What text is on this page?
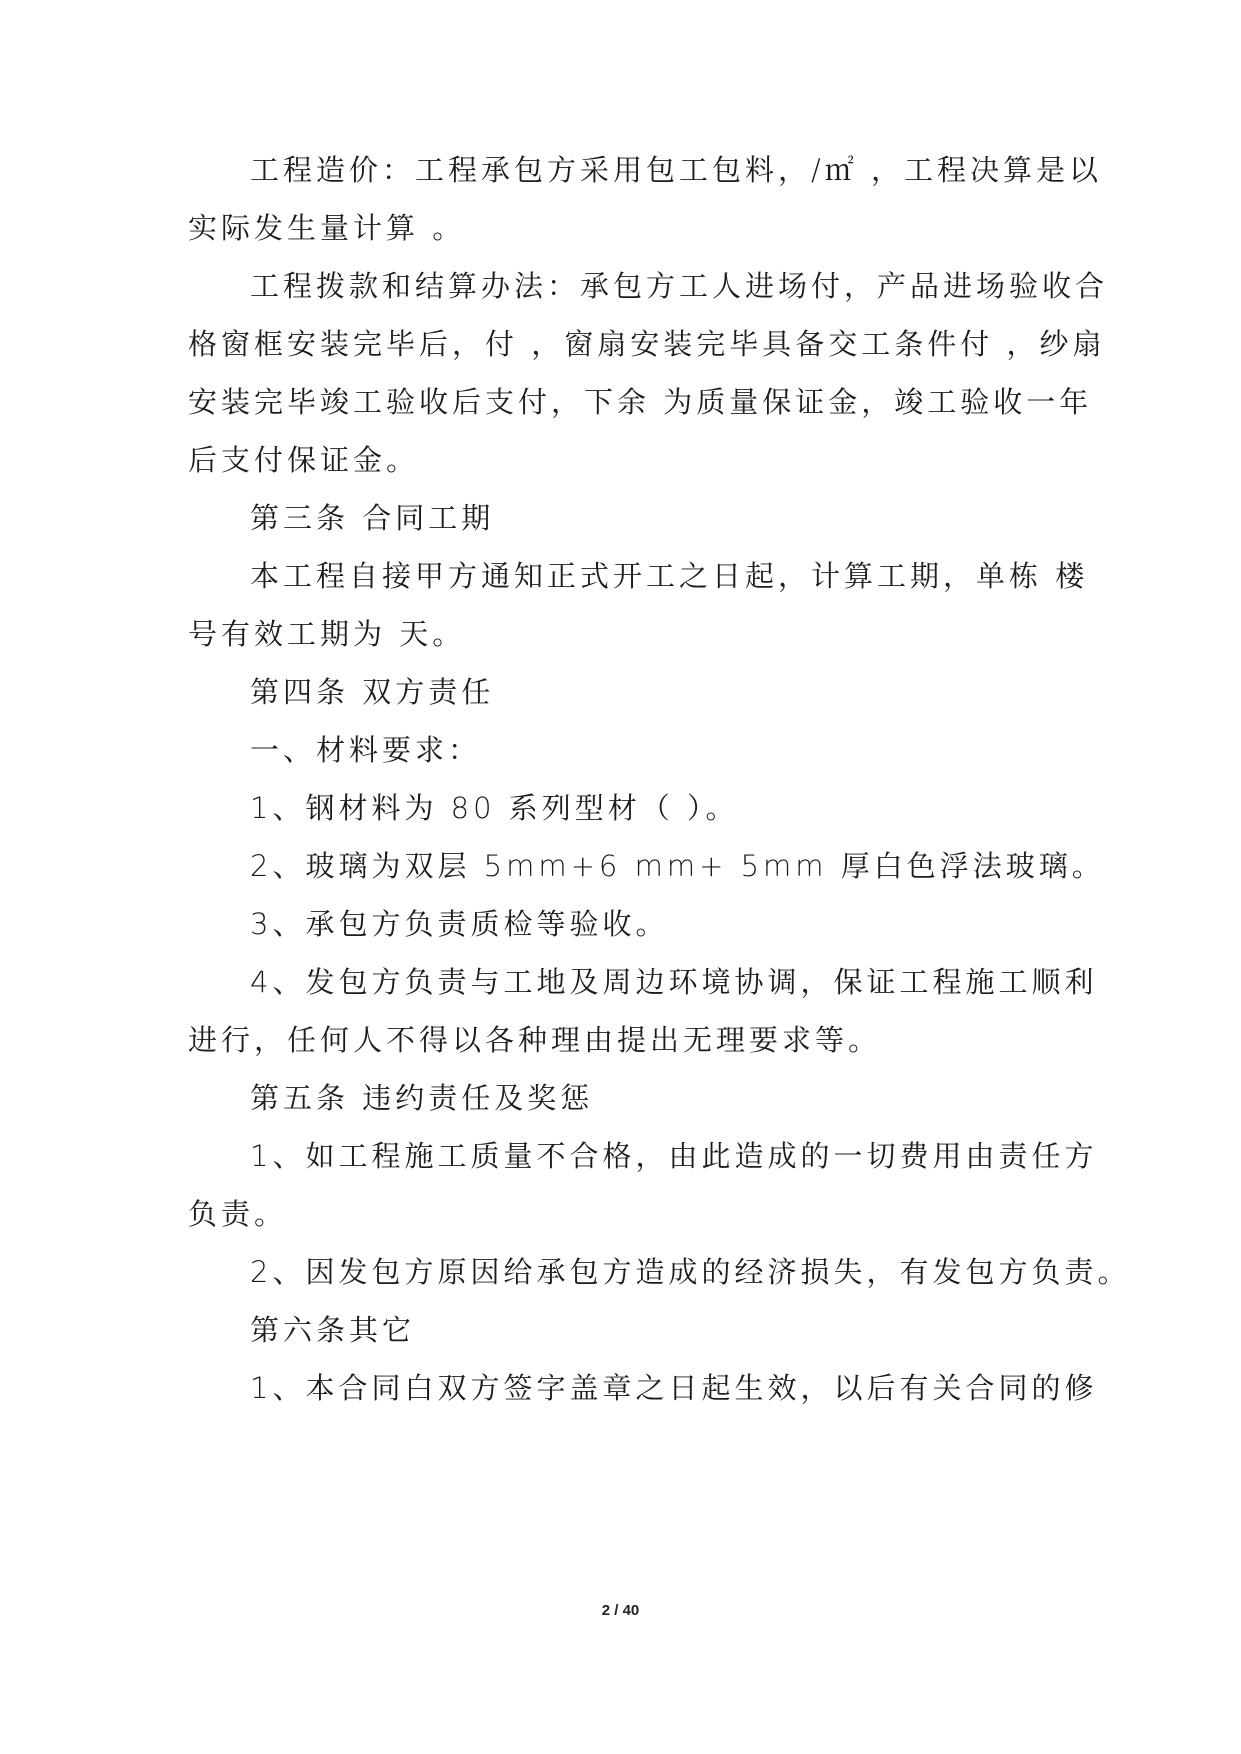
工程造价：工程承包方采用包工包料，/㎡ ，工程决算是以
实际发生量计算 。
工程拨款和结算办法：承包方工人进场付，产品进场验收合
格窗框安装完毕后，付 ，窗扇安装完毕具备交工条件付 ，纱扇
安装完毕竣工验收后支付，下余 为质量保证金，竣工验收一年
后支付保证金。
第三条 合同工期
本工程自接甲方通知正式开工之日起，计算工期，单栋 楼
号有效工期为 天。
第四条 双方责任
一、材料要求：
1、钢材料为 80 系列型材（ ）。
2、玻璃为双层 5mm+6 mm+ 5mm 厚白色浮法玻璃。
3、承包方负责质检等验收。
4、发包方负责与工地及周边环境协调，保证工程施工顺利
进行，任何人不得以各种理由提出无理要求等。
第五条 违约责任及奖惩
1、如工程施工质量不合格，由此造成的一切费用由责任方
负责。
2、因发包方原因给承包方造成的经济损失，有发包方负责。
第六条其它
1、本合同白双方签字盖章之日起生效，以后有关合同的修
2 / 40
